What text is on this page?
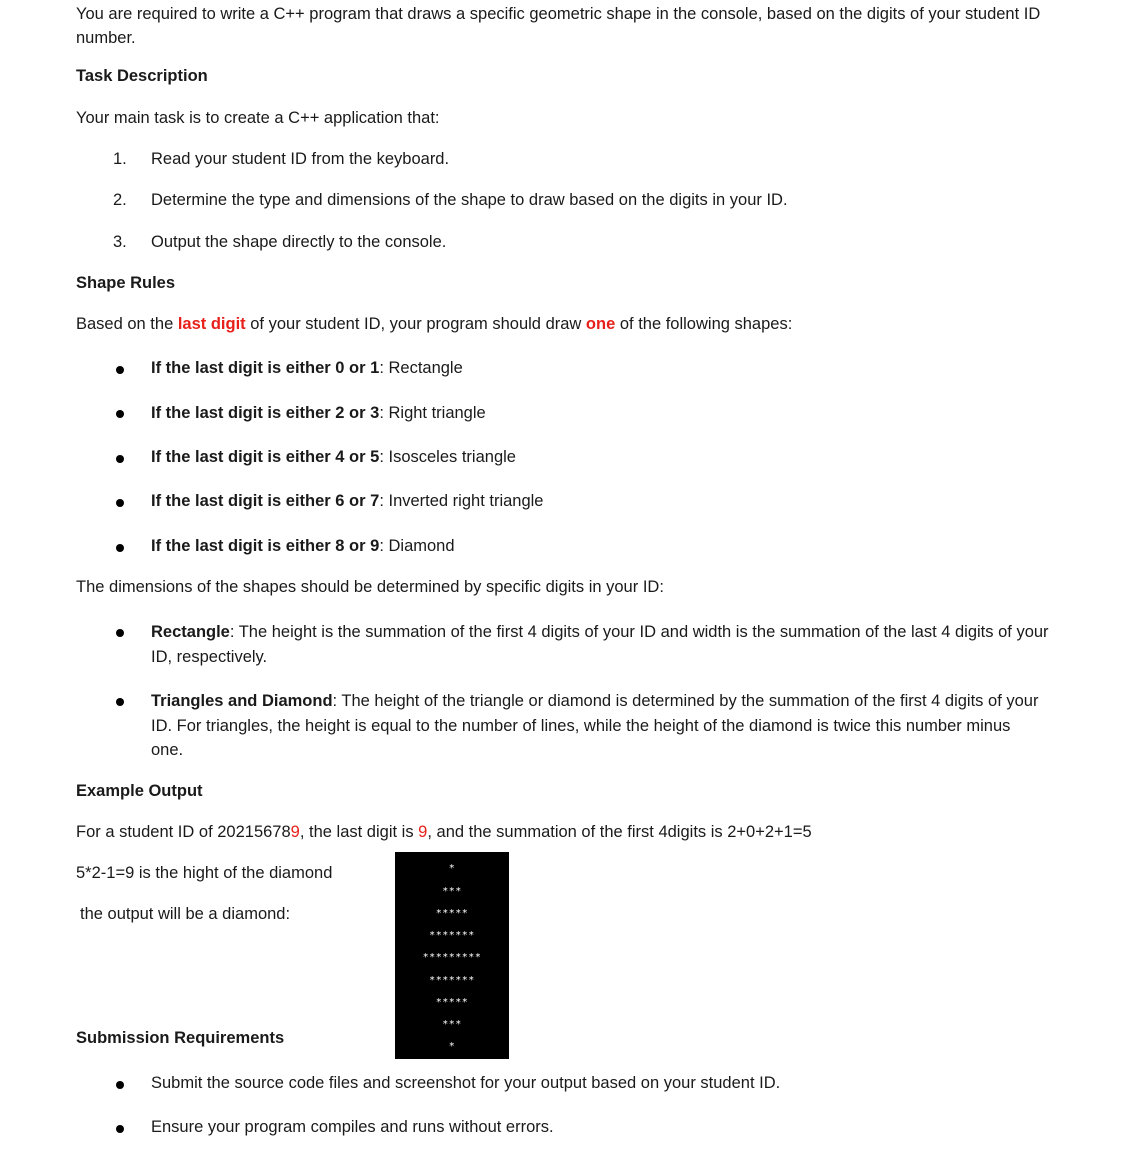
You are required to write a C++ program that draws a specific geometric shape in the console, based on the digits of your student ID number.
Task Description
Your main task is to create a C++ application that:
1. Read your student ID from the keyboard.
2. Determine the type and dimensions of the shape to draw based on the digits in your ID.
3. Output the shape directly to the console.
Shape Rules
Based on the last digit of your student ID, your program should draw one of the following shapes:
If the last digit is either 0 or 1: Rectangle
If the last digit is either 2 or 3: Right triangle
If the last digit is either 4 or 5: Isosceles triangle
If the last digit is either 6 or 7: Inverted right triangle
If the last digit is either 8 or 9: Diamond
The dimensions of the shapes should be determined by specific digits in your ID:
Rectangle: The height is the summation of the first 4 digits of your ID and width is the summation of the last 4 digits of your ID, respectively.
Triangles and Diamond: The height of the triangle or diamond is determined by the summation of the first 4 digits of your ID. For triangles, the height is equal to the number of lines, while the height of the diamond is twice this number minus one.
Example Output
For a student ID of 202156789, the last digit is 9, and the summation of the first 4digits is 2+0+2+1=5
5*2-1=9 is the hight of the diamond
the output will be a diamond:
*
***
*****
*******
*********
*******
*****
***
*
Submission Requirements
Submit the source code files and screenshot for your output based on your student ID.
Ensure your program compiles and runs without errors.
